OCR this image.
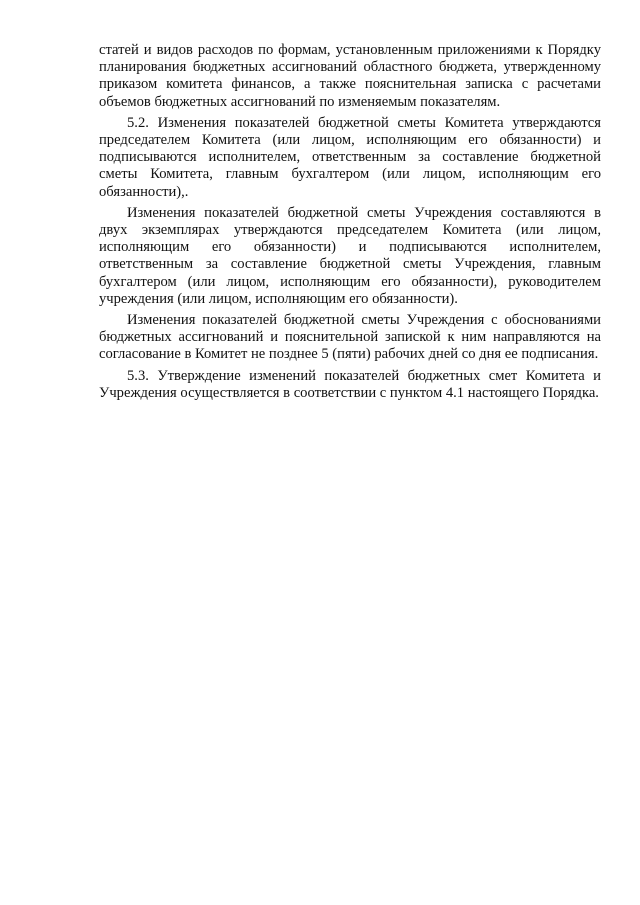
статей и видов расходов по формам, установленным приложениями к Порядку планирования бюджетных ассигнований областного бюджета, утвержденному приказом комитета финансов, а также пояснительная записка с расчетами объемов бюджетных ассигнований по изменяемым показателям.

5.2. Изменения показателей бюджетной сметы Комитета утверждаются председателем Комитета (или лицом, исполняющим его обязанности) и подписываются исполнителем, ответственным за составление бюджетной сметы Комитета, главным бухгалтером (или лицом, исполняющим его обязанности),.

Изменения показателей бюджетной сметы Учреждения составляются в двух экземплярах утверждаются председателем Комитета (или лицом, исполняющим его обязанности) и подписываются исполнителем, ответственным за составление бюджетной сметы Учреждения, главным бухгалтером (или лицом, исполняющим его обязанности), руководителем учреждения (или лицом, исполняющим его обязанности).

Изменения показателей бюджетной сметы Учреждения с обоснованиями бюджетных ассигнований и пояснительной запиской к ним направляются на согласование в Комитет не позднее 5 (пяти) рабочих дней со дня ее подписания.

5.3. Утверждение изменений показателей бюджетных смет Комитета и Учреждения осуществляется в соответствии с пунктом 4.1 настоящего Порядка.
